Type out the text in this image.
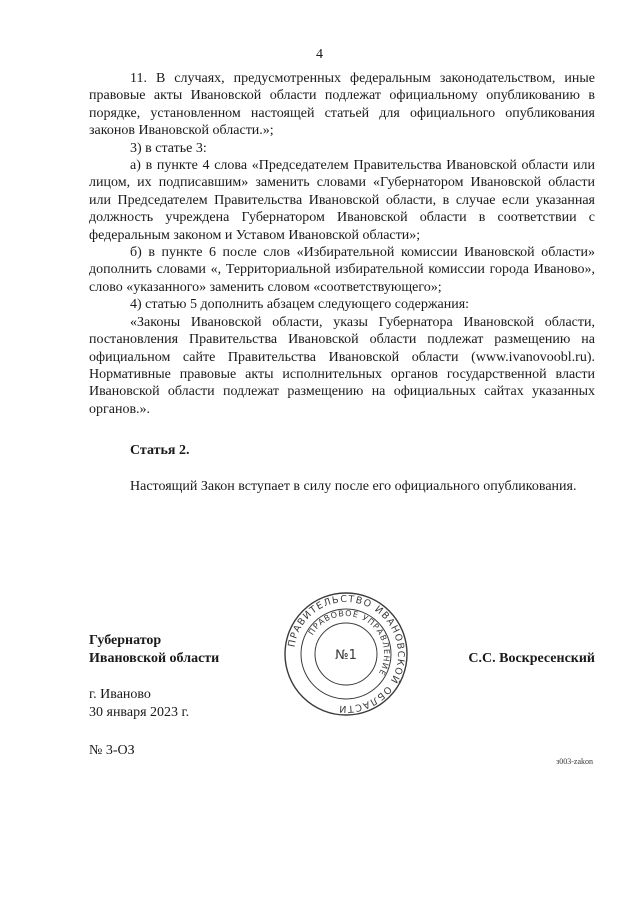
4

11. В случаях, предусмотренных федеральным законодательством, иные правовые акты Ивановской области подлежат официальному опубликованию в порядке, установленном настоящей статьей для официального опубликования законов Ивановской области.»;

3) в статье 3:

а) в пункте 4 слова «Председателем Правительства Ивановской области или лицом, их подписавшим» заменить словами «Губернатором Ивановской области или Председателем Правительства Ивановской области, в случае если указанная должность учреждена Губернатором Ивановской области в соответствии с федеральным законом и Уставом Ивановской области»;

б) в пункте 6 после слов «Избирательной комиссии Ивановской области» дополнить словами «, Территориальной избирательной комиссии города Иваново», слово «указанного» заменить словом «соответствующего»;

4) статью 5 дополнить абзацем следующего содержания:

«Законы Ивановской области, указы Губернатора Ивановской области, постановления Правительства Ивановской области подлежат размещению на официальном сайте Правительства Ивановской области (www.ivanovoobl.ru). Нормативные правовые акты исполнительных органов государственной власти Ивановской области подлежат размещению на официальных сайтах указанных органов.».

Статья 2.

Настоящий Закон вступает в силу после его официального опубликования.

ПРАВИТЕЛЬСТВО ИВАНОВСКОЙ ОБЛАСТИ
ПРАВОВОЕ УПРАВЛЕНИЕ
№1
Губернатор
Ивановской области	С.С. Воскресенский
г. Иваново
30 января 2023 г.
№ 3-ОЗ
з003-zakon
